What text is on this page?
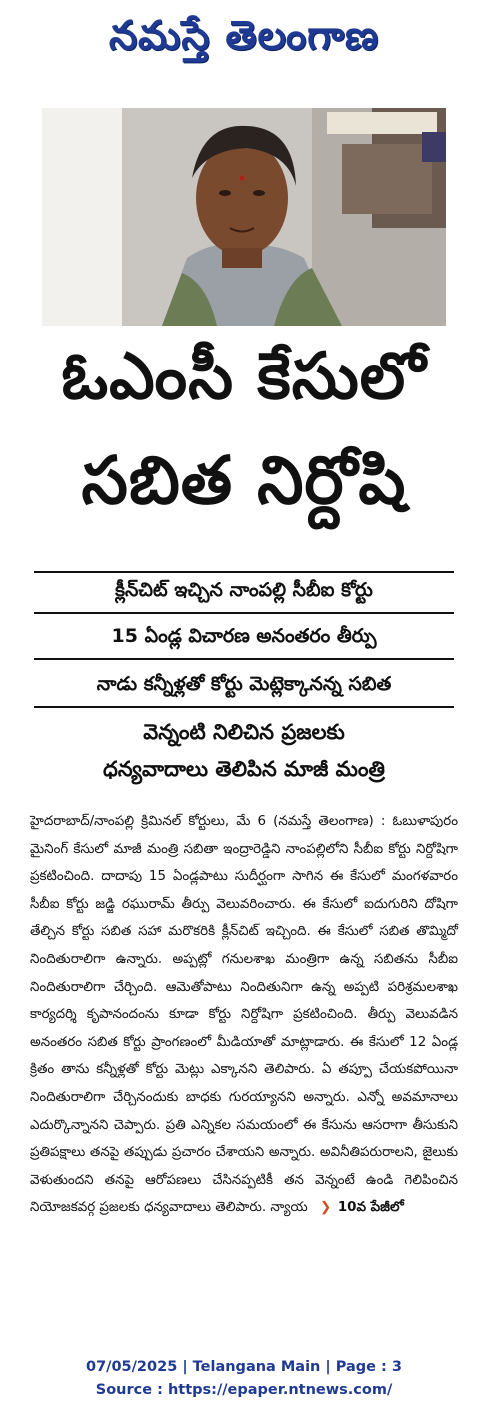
నమస్తే తెలంగాణ
ఓఎంసీ కేసులో
సబిత నిర్దోషి
క్లీన్‌చిట్ ఇచ్చిన నాంపల్లి సీబీఐ కోర్టు
15 ఏండ్ల విచారణ అనంతరం తీర్పు
నాడు కన్నీళ్లతో కోర్టు మెట్లెక్కానన్న సబిత
వెన్నంటి నిలిచిన ప్రజలకు
ధన్యవాదాలు తెలిపిన మాజీ మంత్రి
హైదరాబాద్/నాంపల్లి క్రిమినల్ కోర్టులు, మే 6 (నమస్తే తెలంగాణ) : ఓబుళాపురం మైనింగ్ కేసులో మాజీ మంత్రి సబితా ఇంద్రారెడ్డిని నాంపల్లిలోని సీబీఐ కోర్టు నిర్దోషిగా ప్రకటించింది. దాదాపు 15 ఏండ్లపాటు సుదీర్ఘంగా సాగిన ఈ కేసులో మంగళవారం సీబీఐ కోర్టు జడ్జి రఘురామ్ తీర్పు వెలువరించారు. ఈ కేసులో ఐదుగురిని దోషిగా తేల్చిన కోర్టు సబిత సహా మరొకరికి క్లీన్‌చిట్ ఇచ్చింది. ఈ కేసులో సబిత తొమ్మిదో నిందితురాలిగా ఉన్నారు. అప్పట్లో గనులశాఖ మంత్రిగా ఉన్న సబితను సీబీఐ నిందితురాలిగా చేర్చింది. ఆమెతోపాటు నిందితునిగా ఉన్న అప్పటి పరిశ్రమలశాఖ కార్యదర్శి కృపానందంను కూడా కోర్టు నిర్దోషిగా ప్రకటించింది. తీర్పు వెలువడిన అనంతరం సబిత కోర్టు ప్రాంగణంలో మీడియాతో మాట్లాడారు. ఈ కేసులో 12 ఏండ్ల క్రితం తాను కన్నీళ్లతో కోర్టు మెట్లు ఎక్కానని తెలిపారు. ఏ తప్పూ చేయకపోయినా నిందితురాలిగా చేర్చినందుకు బాధకు గురయ్యానని అన్నారు. ఎన్నో అవమానాలు ఎదుర్కొన్నానని చెప్పారు. ప్రతి ఎన్నికల సమయంలో ఈ కేసును ఆసరాగా తీసుకుని ప్రతిపక్షాలు తనపై తప్పుడు ప్రచారం చేశాయని అన్నారు. అవినీతిపరురాలని, జైలుకు వెళుతుందని తనపై ఆరోపణలు చేసినప్పటికీ తన వెన్నంటే ఉండి గెలిపించిన నియోజకవర్గ ప్రజలకు ధన్యవాదాలు తెలిపారు. న్యాయ ❯ 10వ పేజీలో
07/05/2025 | Telangana Main | Page : 3
Source : https://epaper.ntnews.com/
